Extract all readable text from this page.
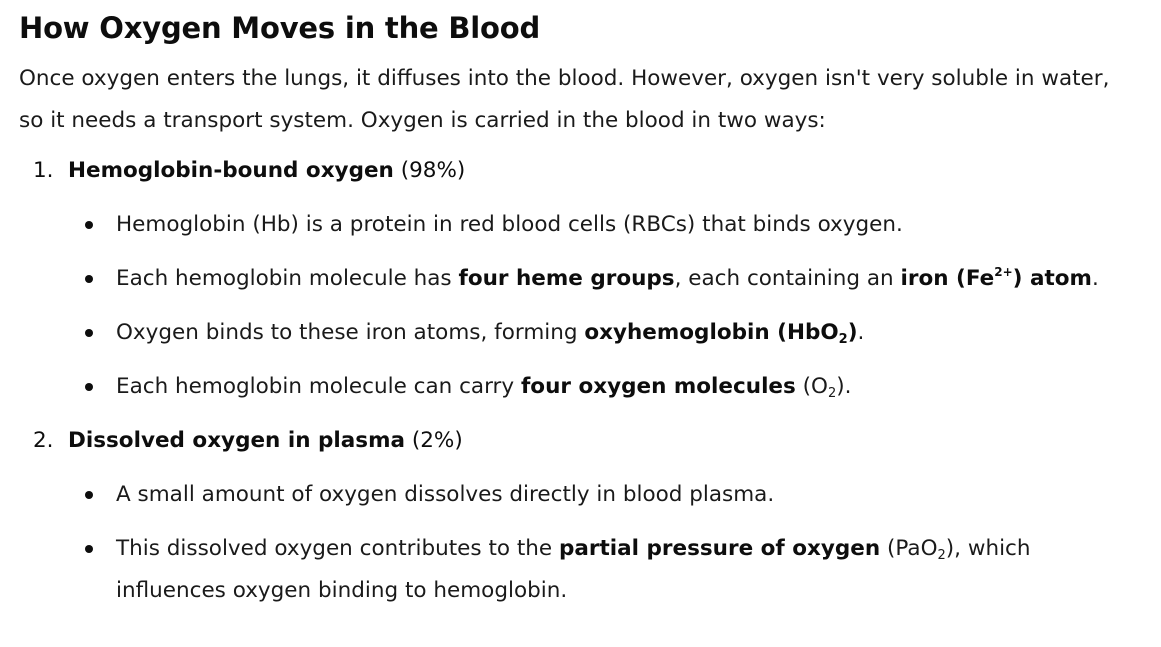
How Oxygen Moves in the Blood

Once oxygen enters the lungs, it diffuses into the blood. However, oxygen isn't very soluble in water, so it needs a transport system. Oxygen is carried in the blood in two ways:

1. Hemoglobin-bound oxygen (98%)
Hemoglobin (Hb) is a protein in red blood cells (RBCs) that binds oxygen.
Each hemoglobin molecule has four heme groups, each containing an iron $(Fe^{2+})$ atom.
Oxygen binds to these iron atoms, forming oxyhemoglobin (HbO$_2$).
Each hemoglobin molecule can carry four oxygen molecules $(O_2)$.
2. Dissolved oxygen in plasma (2%)
A small amount of oxygen dissolves directly in blood plasma.
This dissolved oxygen contributes to the partial pressure of oxygen (PaO$_2$), which influences oxygen binding to hemoglobin.
